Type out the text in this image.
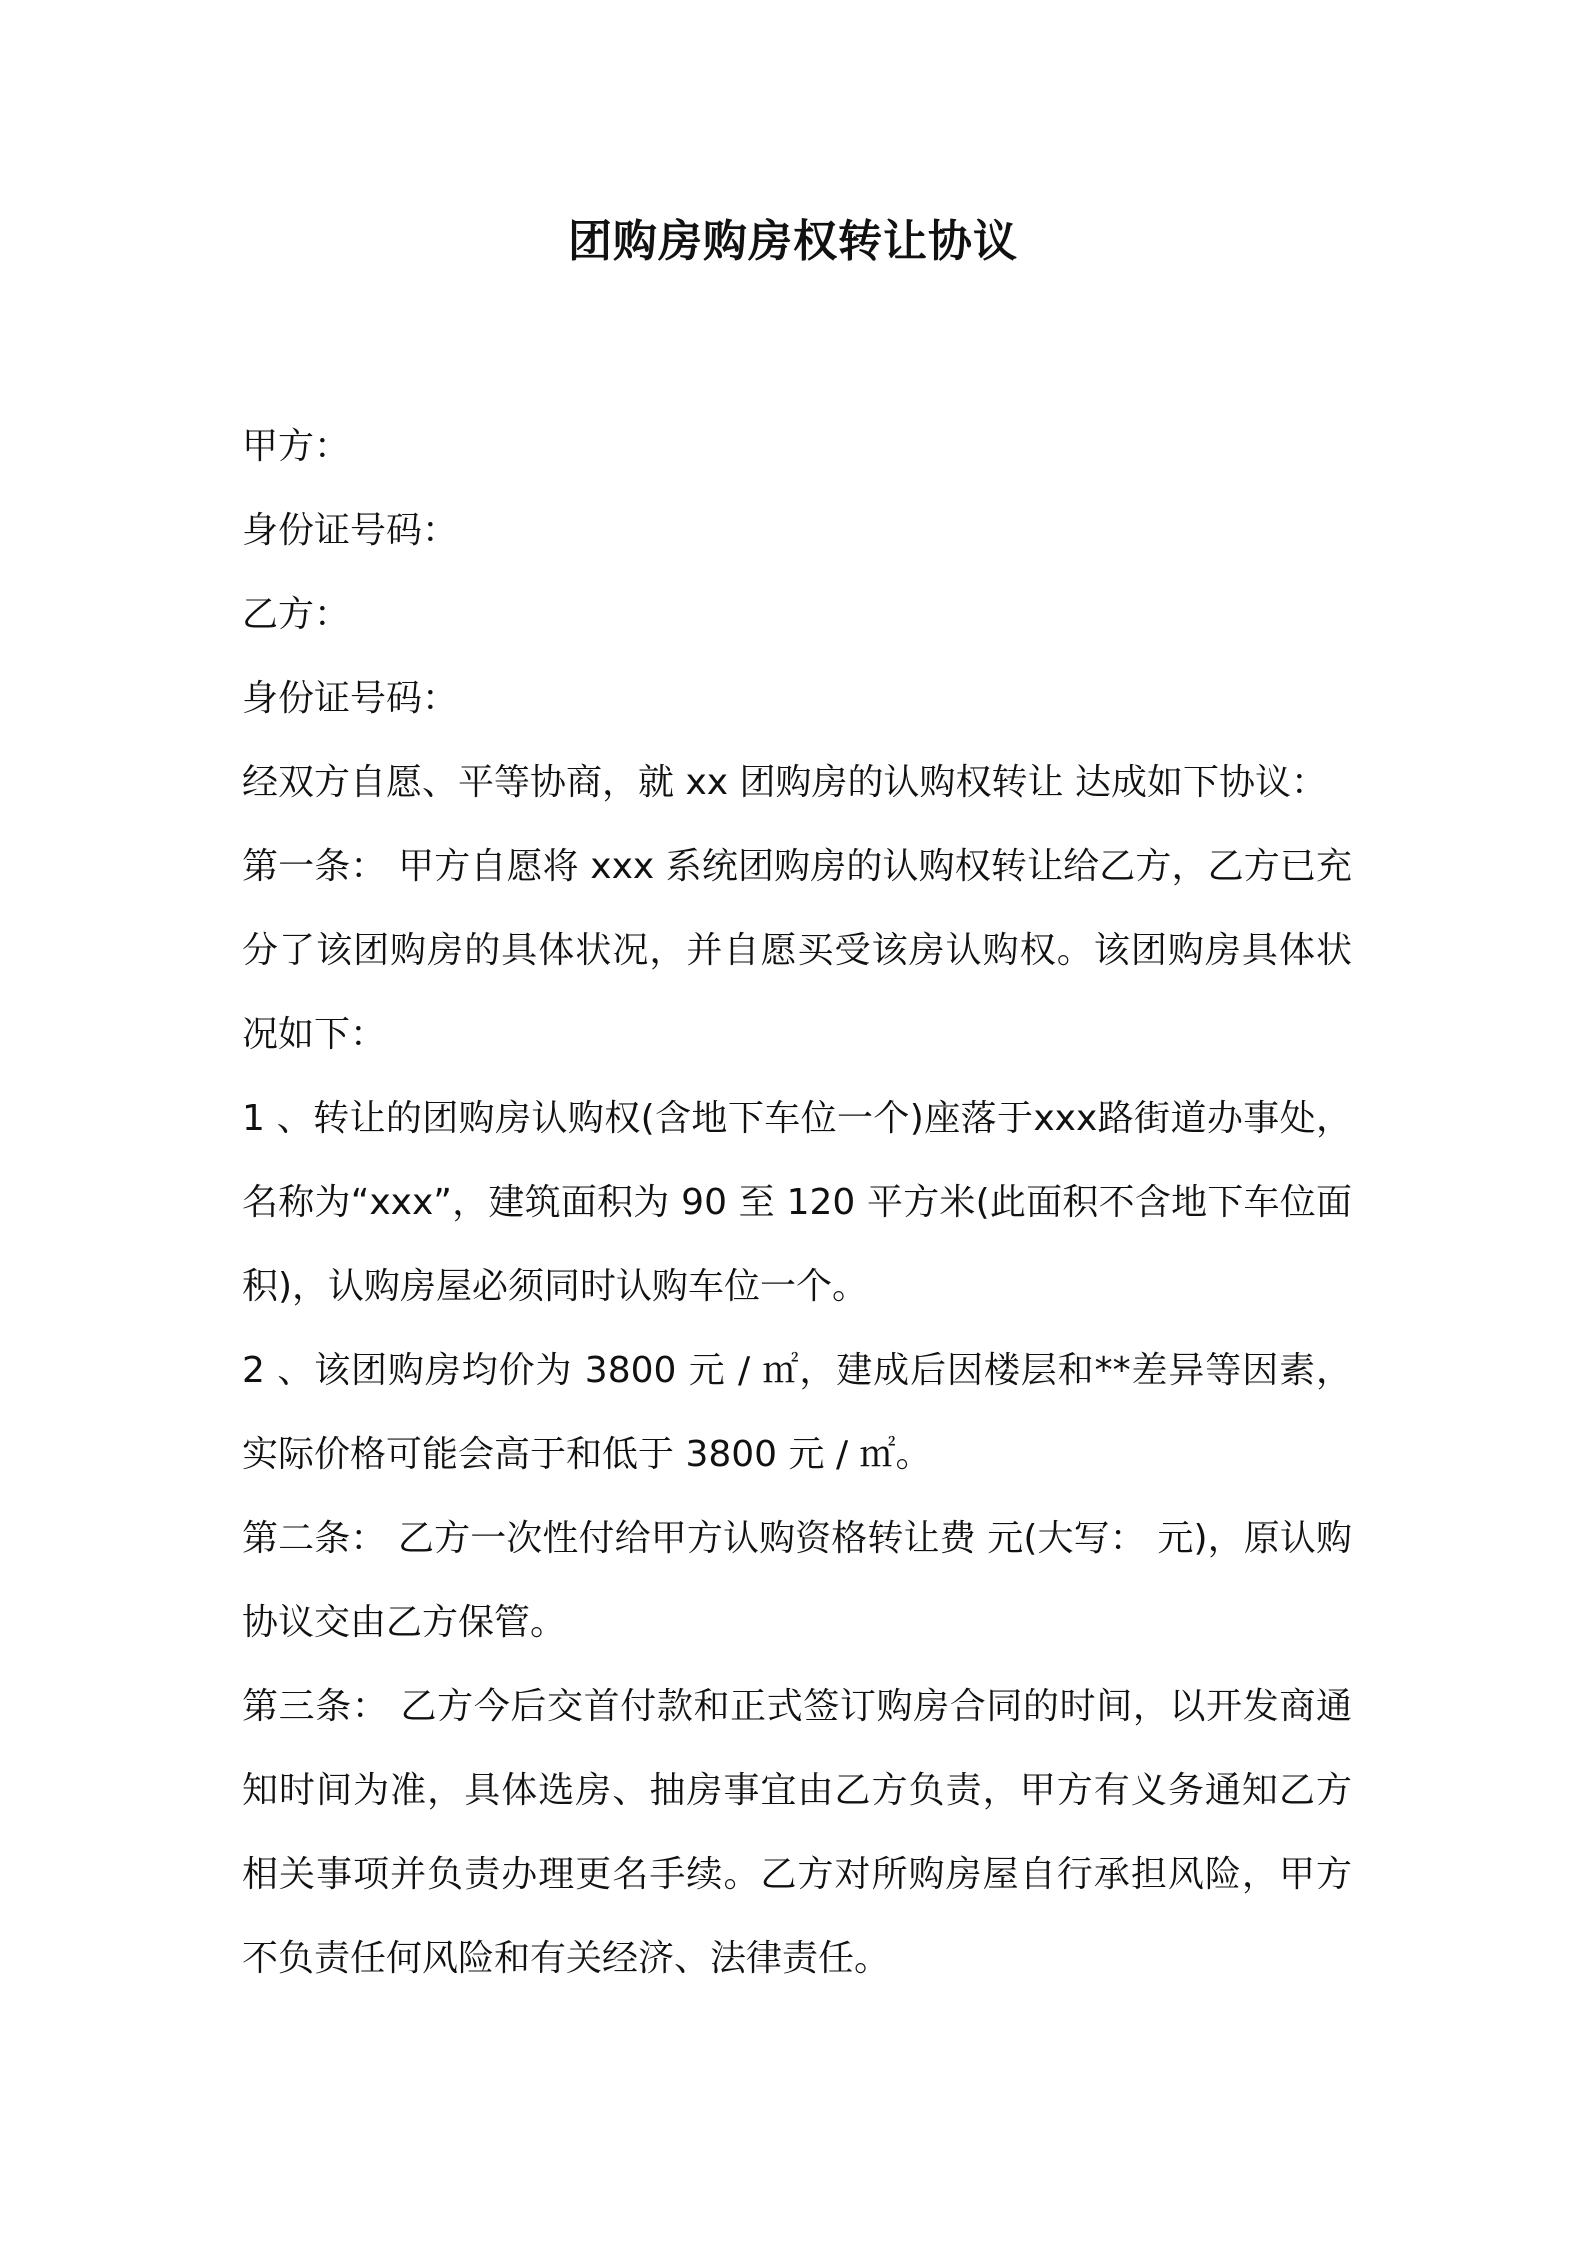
团购房购房权转让协议

甲方：

身份证号码：

乙方：

身份证号码：

经双方自愿、平等协商，就 xx 团购房的认购权转让 达成如下协议：

第一条： 甲方自愿将 xxx 系统团购房的认购权转让给乙方，乙方已充分了该团购房的具体状况，并自愿买受该房认购权。该团购房具体状况如下：

1 、转让的团购房认购权(含地下车位一个)座落于xxx路街道办事处，名称为“xxx”，建筑面积为 90 至 120 平方米(此面积不含地下车位面积)，认购房屋必须同时认购车位一个。

2 、该团购房均价为 3800 元 / ㎡，建成后因楼层和**差异等因素，实际价格可能会高于和低于 3800 元 / ㎡。

第二条： 乙方一次性付给甲方认购资格转让费 元(大写： 元)，原认购协议交由乙方保管。

第三条： 乙方今后交首付款和正式签订购房合同的时间，以开发商通知时间为准，具体选房、抽房事宜由乙方负责，甲方有义务通知乙方相关事项并负责办理更名手续。乙方对所购房屋自行承担风险，甲方不负责任何风险和有关经济、法律责任。
